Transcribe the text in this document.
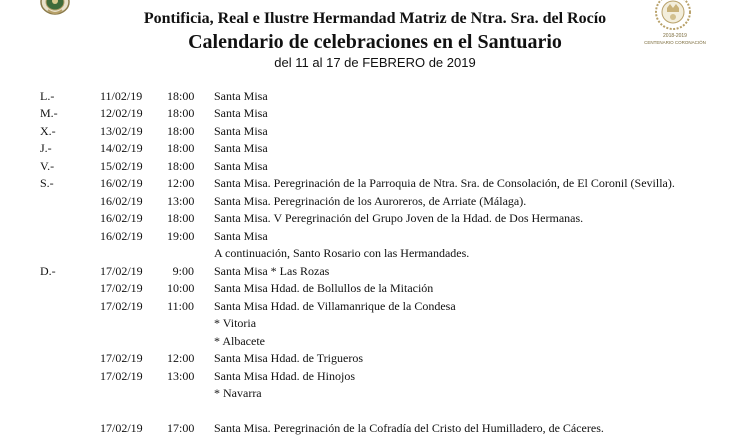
2018-2019
CENTENARIO CORONACIÓN
Pontificia, Real e Ilustre Hermandad Matriz de Ntra. Sra. del Rocío
Calendario de celebraciones en el Santuario
del 11 al 17 de FEBRERO de 2019
L.-	11/02/19 18:00 Santa Misa
M.-	12/02/19 18:00 Santa Misa
X.-	13/02/19 18:00 Santa Misa
J.-	14/02/19 18:00 Santa Misa
V.-	15/02/19 18:00 Santa Misa
S.-	16/02/19 12:00 Santa Misa. Peregrinación de la Parroquia de Ntra. Sra. de Consolación, de El Coronil (Sevilla).
16/02/19 13:00 Santa Misa. Peregrinación de los Auroreros, de Arriate (Málaga).
16/02/19 18:00 Santa Misa. V Peregrinación del Grupo Joven de la Hdad. de Dos Hermanas.
16/02/19 19:00 Santa Misa
A continuación, Santo Rosario con las Hermandades.
D.-	17/02/19	9:00 Santa Misa * Las Rozas
17/02/19 10:00 Santa Misa Hdad. de Bollullos de la Mitación
17/02/19 11:00 Santa Misa Hdad. de Villamanrique de la Condesa
* Vitoria
* Albacete
17/02/19 12:00 Santa Misa Hdad. de Trigueros
17/02/19 13:00 Santa Misa Hdad. de Hinojos
* Navarra
17/02/19 17:00 Santa Misa. Peregrinación de la Cofradía del Cristo del Humilladero, de Cáceres.
